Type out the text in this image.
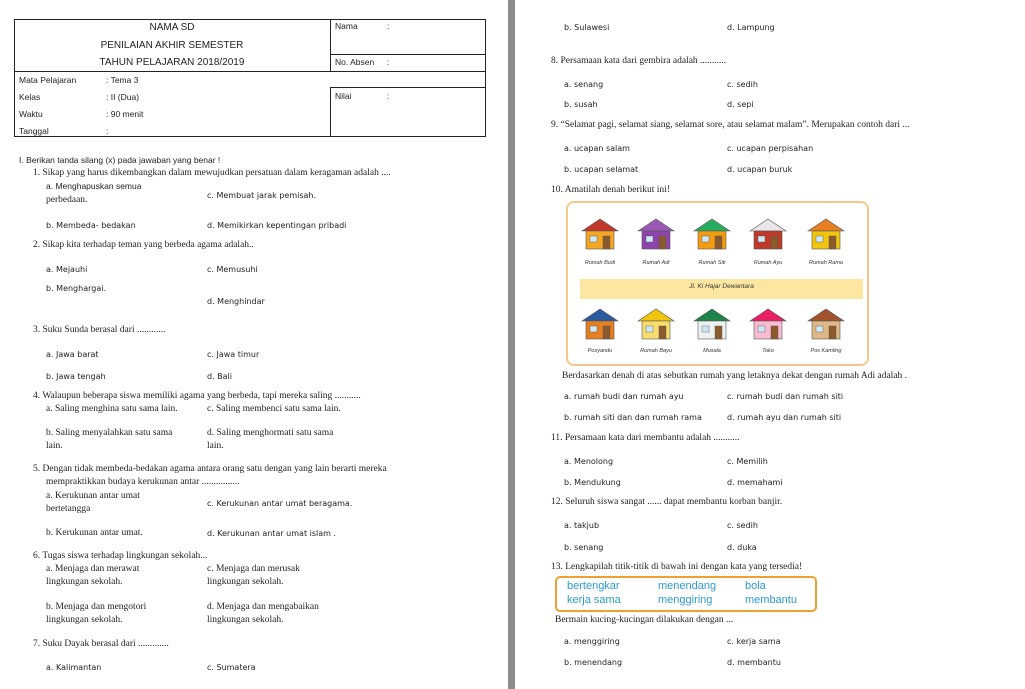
NAMA SD
PENILAIAN AKHIR SEMESTER
TAHUN PELAJARAN 2018/2019
Mata Pelajaran	: Tema 3
Kelas	: II (Dua)
Waktu	: 90 menit
Tanggal	:
Nama	:
No. Absen :
Nilai	:
I. Berikan tanda silang (x) pada jawaban yang benar !
1. Sikap yang harus dikembangkan dalam mewujudkan persatuan dalam keragaman adalah ....
a. Menghapuskan semua
perbedaan.	c. Membuat jarak pemisah.
b. Membeda- bedakan	d. Memikirkan kepentingan pribadi
2. Sikap kita terhadap teman yang berbeda agama adalah..
a. Mejauhi	c. Memusuhi
b. Menghargai.
d. Menghindar
3. Suku Sunda berasal dari ............
a. Jawa barat	c. Jawa timur
b. Jawa tengah	d. Bali
4. Walaupun beberapa siswa memiliki agama yang berbeda, tapi mereka saling ...........
a. Saling menghina satu sama lain.	c. Saling membenci satu sama lain.
b. Saling menyalahkan satu sama
lain.
d. Saling menghormati satu sama
lain.
5. Dengan tidak membeda-bedakan agama antara orang satu dengan yang lain berarti mereka
mempraktikkan budaya kerukunan antar ................
a. Kerukunan antar umat
bertetangga
c. Kerukunan antar umat beragama.
b. Kerukunan antar umat.	d. Kerukunan antar umat islam .
6. Tugas siswa terhadap lingkungan sekolah...
a. Menjaga dan merawat
lingkungan sekolah.
c. Menjaga dan merusak
lingkungan sekolah.
b. Menjaga dan mengotori
lingkungan sekolah.
d. Menjaga dan mengabaikan
lingkungan sekolah.
7. Suku Dayak berasal dari .............
a. Kalimantan	c. Sumatera
b. Sulawesi	d. Lampung
8. Persamaan kata dari gembira adalah ...........
a. senang	c. sedih
b. susah	d. sepi
9. “Selamat pagi, selamat siang, selamat sore, atau selamat malam”. Merupakan contoh dari ...
a. ucapan salam	c. ucapan perpisahan
b. ucapan selamat	d. ucapan buruk
10. Amatilah denah berikut ini!
Jl. Ki Hajar Dewantara
Rumah Budi	Rumah Adi	Rumah Siti	Rumah Ayu	Rumah Rama
Posyandu	Rumah Bayu	Musala	Toko	Pos Kamling
Berdasarkan denah di atas sebutkan rumah yang letaknya dekat dengan rumah Adi adalah .
a. rumah budi dan rumah ayu	c. rumah budi dan rumah siti
b. rumah siti dan dan rumah rama	d. rumah ayu dan rumah siti
11. Persamaan kata dari membantu adalah ...........
a. Menolong	c. Memilih
b. Mendukung	d. memahami
12. Seluruh siswa sangat ...... dapat membantu korban banjir.
a. takjub	c. sedih
b. senang	d. duka
13. Lengkapilah titik-titik di bawah ini dengan kata yang tersedia!
bertengkar	menendang	bola
kerja sama	menggiring	membantu
Bermain kucing-kucingan dilakukan dengan ...
a. menggiring	c. kerja sama
b. menendang	d. membantu
